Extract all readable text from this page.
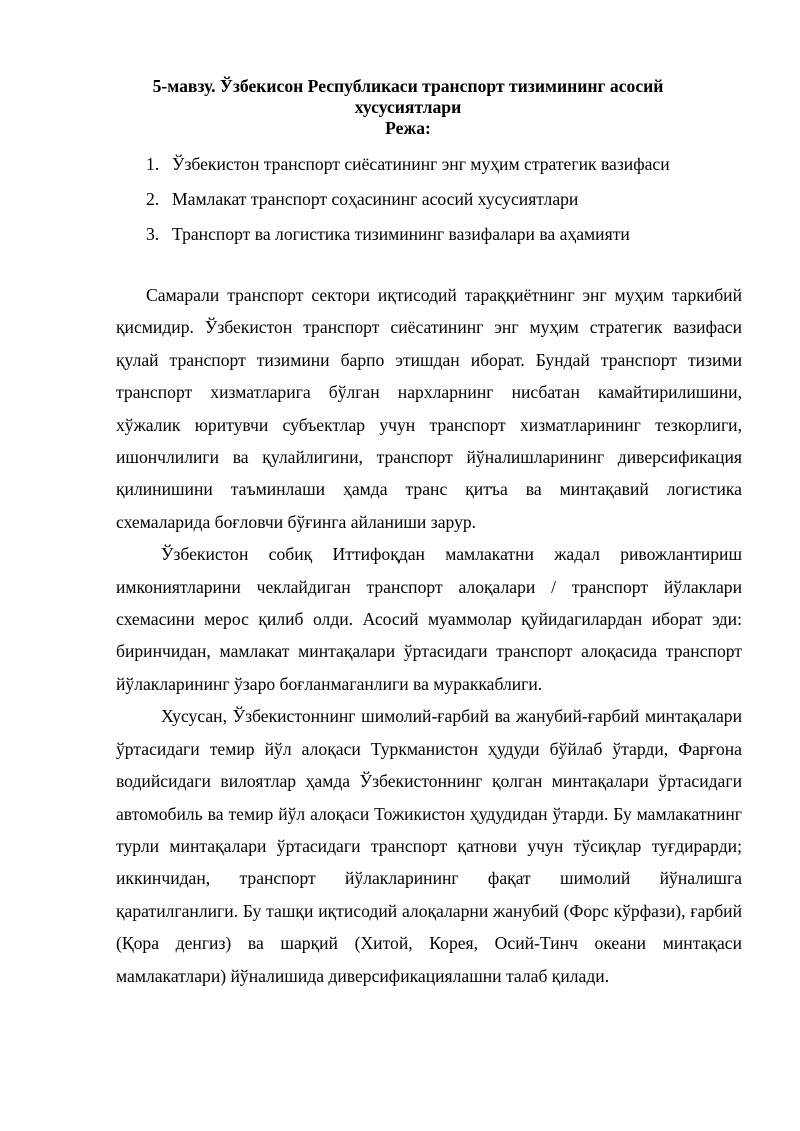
5-мавзу. Ўзбекисон Республикаси транспорт тизимининг асосий хусусиятлари
Режа:
1. Ўзбекистон транспорт сиёсатининг энг муҳим стратегик вазифаси
2. Мамлакат транспорт соҳасининг асосий хусусиятлари
3. Транспорт ва логистика тизимининг вазифалари ва аҳамияти

Самарали транспорт сектори иқтисодий тараққиётнинг энг муҳим таркибий қисмидир. Ўзбекистон транспорт сиёсатининг энг муҳим стратегик вазифаси қулай транспорт тизимини барпо этишдан иборат. Бундай транспорт тизими транспорт хизматларига бўлган нархларнинг нисбатан камайтирилишини, хўжалик юритувчи субъектлар учун транспорт хизматларининг тезкорлиги, ишончлилиги ва қулайлигини, транспорт йўналишларининг диверсификация қилинишини таъминлаши ҳамда транс қитъа ва минтақавий логистика схемаларида боғловчи бўғинга айланиши зарур.

Ўзбекистон собиқ Иттифоқдан мамлакатни жадал ривожлантириш имкониятларини чеклайдиган транспорт алоқалари / транспорт йўлаклари схемасини мерос қилиб олди. Асосий муаммолар қуйидагилардан иборат эди: биринчидан, мамлакат минтақалари ўртасидаги транспорт алоқасида транспорт йўлакларининг ўзаро боғланмаганлиги ва мураккаблиги.

Хусусан, Ўзбекистоннинг шимолий-ғарбий ва жанубий-ғарбий минтақалари ўртасидаги темир йўл алоқаси Туркманистон ҳудуди бўйлаб ўтарди, Фарғона водийсидаги вилоятлар ҳамда Ўзбекистоннинг қолган минтақалари ўртасидаги автомобиль ва темир йўл алоқаси Тожикистон ҳудудидан ўтарди. Бу мамлакатнинг турли минтақалари ўртасидаги транспорт қатнови учун тўсиқлар туғдирарди; иккинчидан, транспорт йўлакларининг фақат шимолий йўналишга қаратилганлиги. Бу ташқи иқтисодий алоқаларни жанубий (Форс кўрфази), ғарбий (Қора денгиз) ва шарқий (Хитой, Корея, Осий-Тинч океани минтақаси мамлакатлари) йўналишида диверсификациялашни талаб қилади.
